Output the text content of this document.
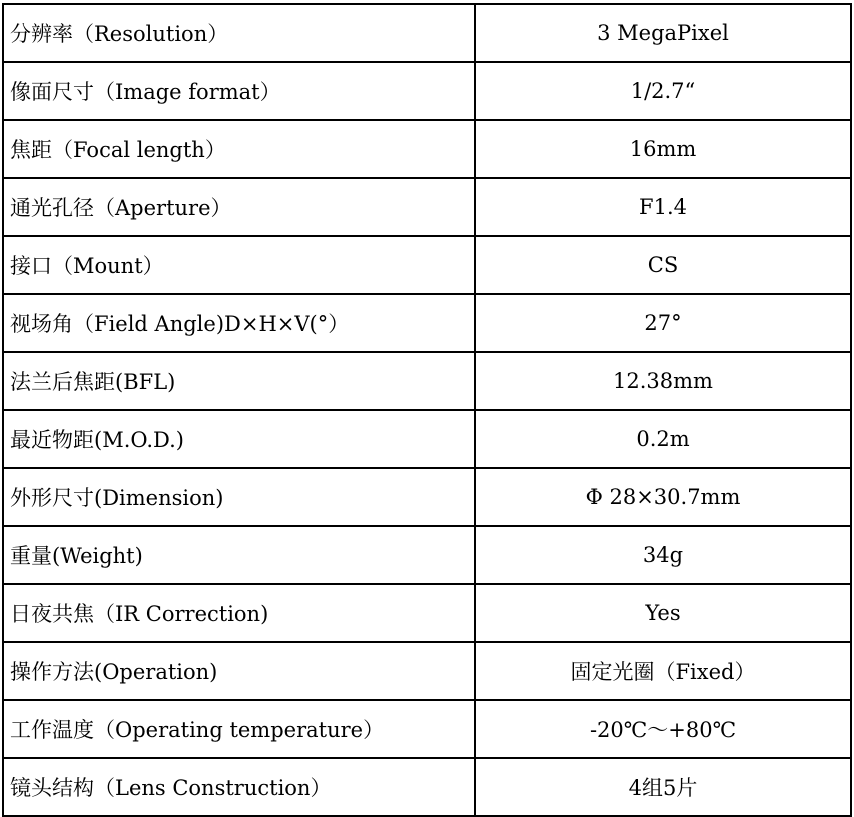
分辨率（Resolution）	3 MegaPixel
像面尺寸（Image format）	1/2.7“
焦距（Focal length）	16mm
通光孔径（Aperture）	F1.4
接口（Mount）	CS
视场角（Field Angle)D×H×V(°）	27°
法兰后焦距(BFL)	12.38mm
最近物距(M.O.D.)	0.2m
外形尺寸(Dimension)	Φ 28×30.7mm
重量(Weight)	34g
日夜共焦（IR Correction)	Yes
操作方法(Operation)	固定光圈（Fixed）
工作温度（Operating temperature）	-20℃～+80℃
镜头结构（Lens Construction）	4组5片
